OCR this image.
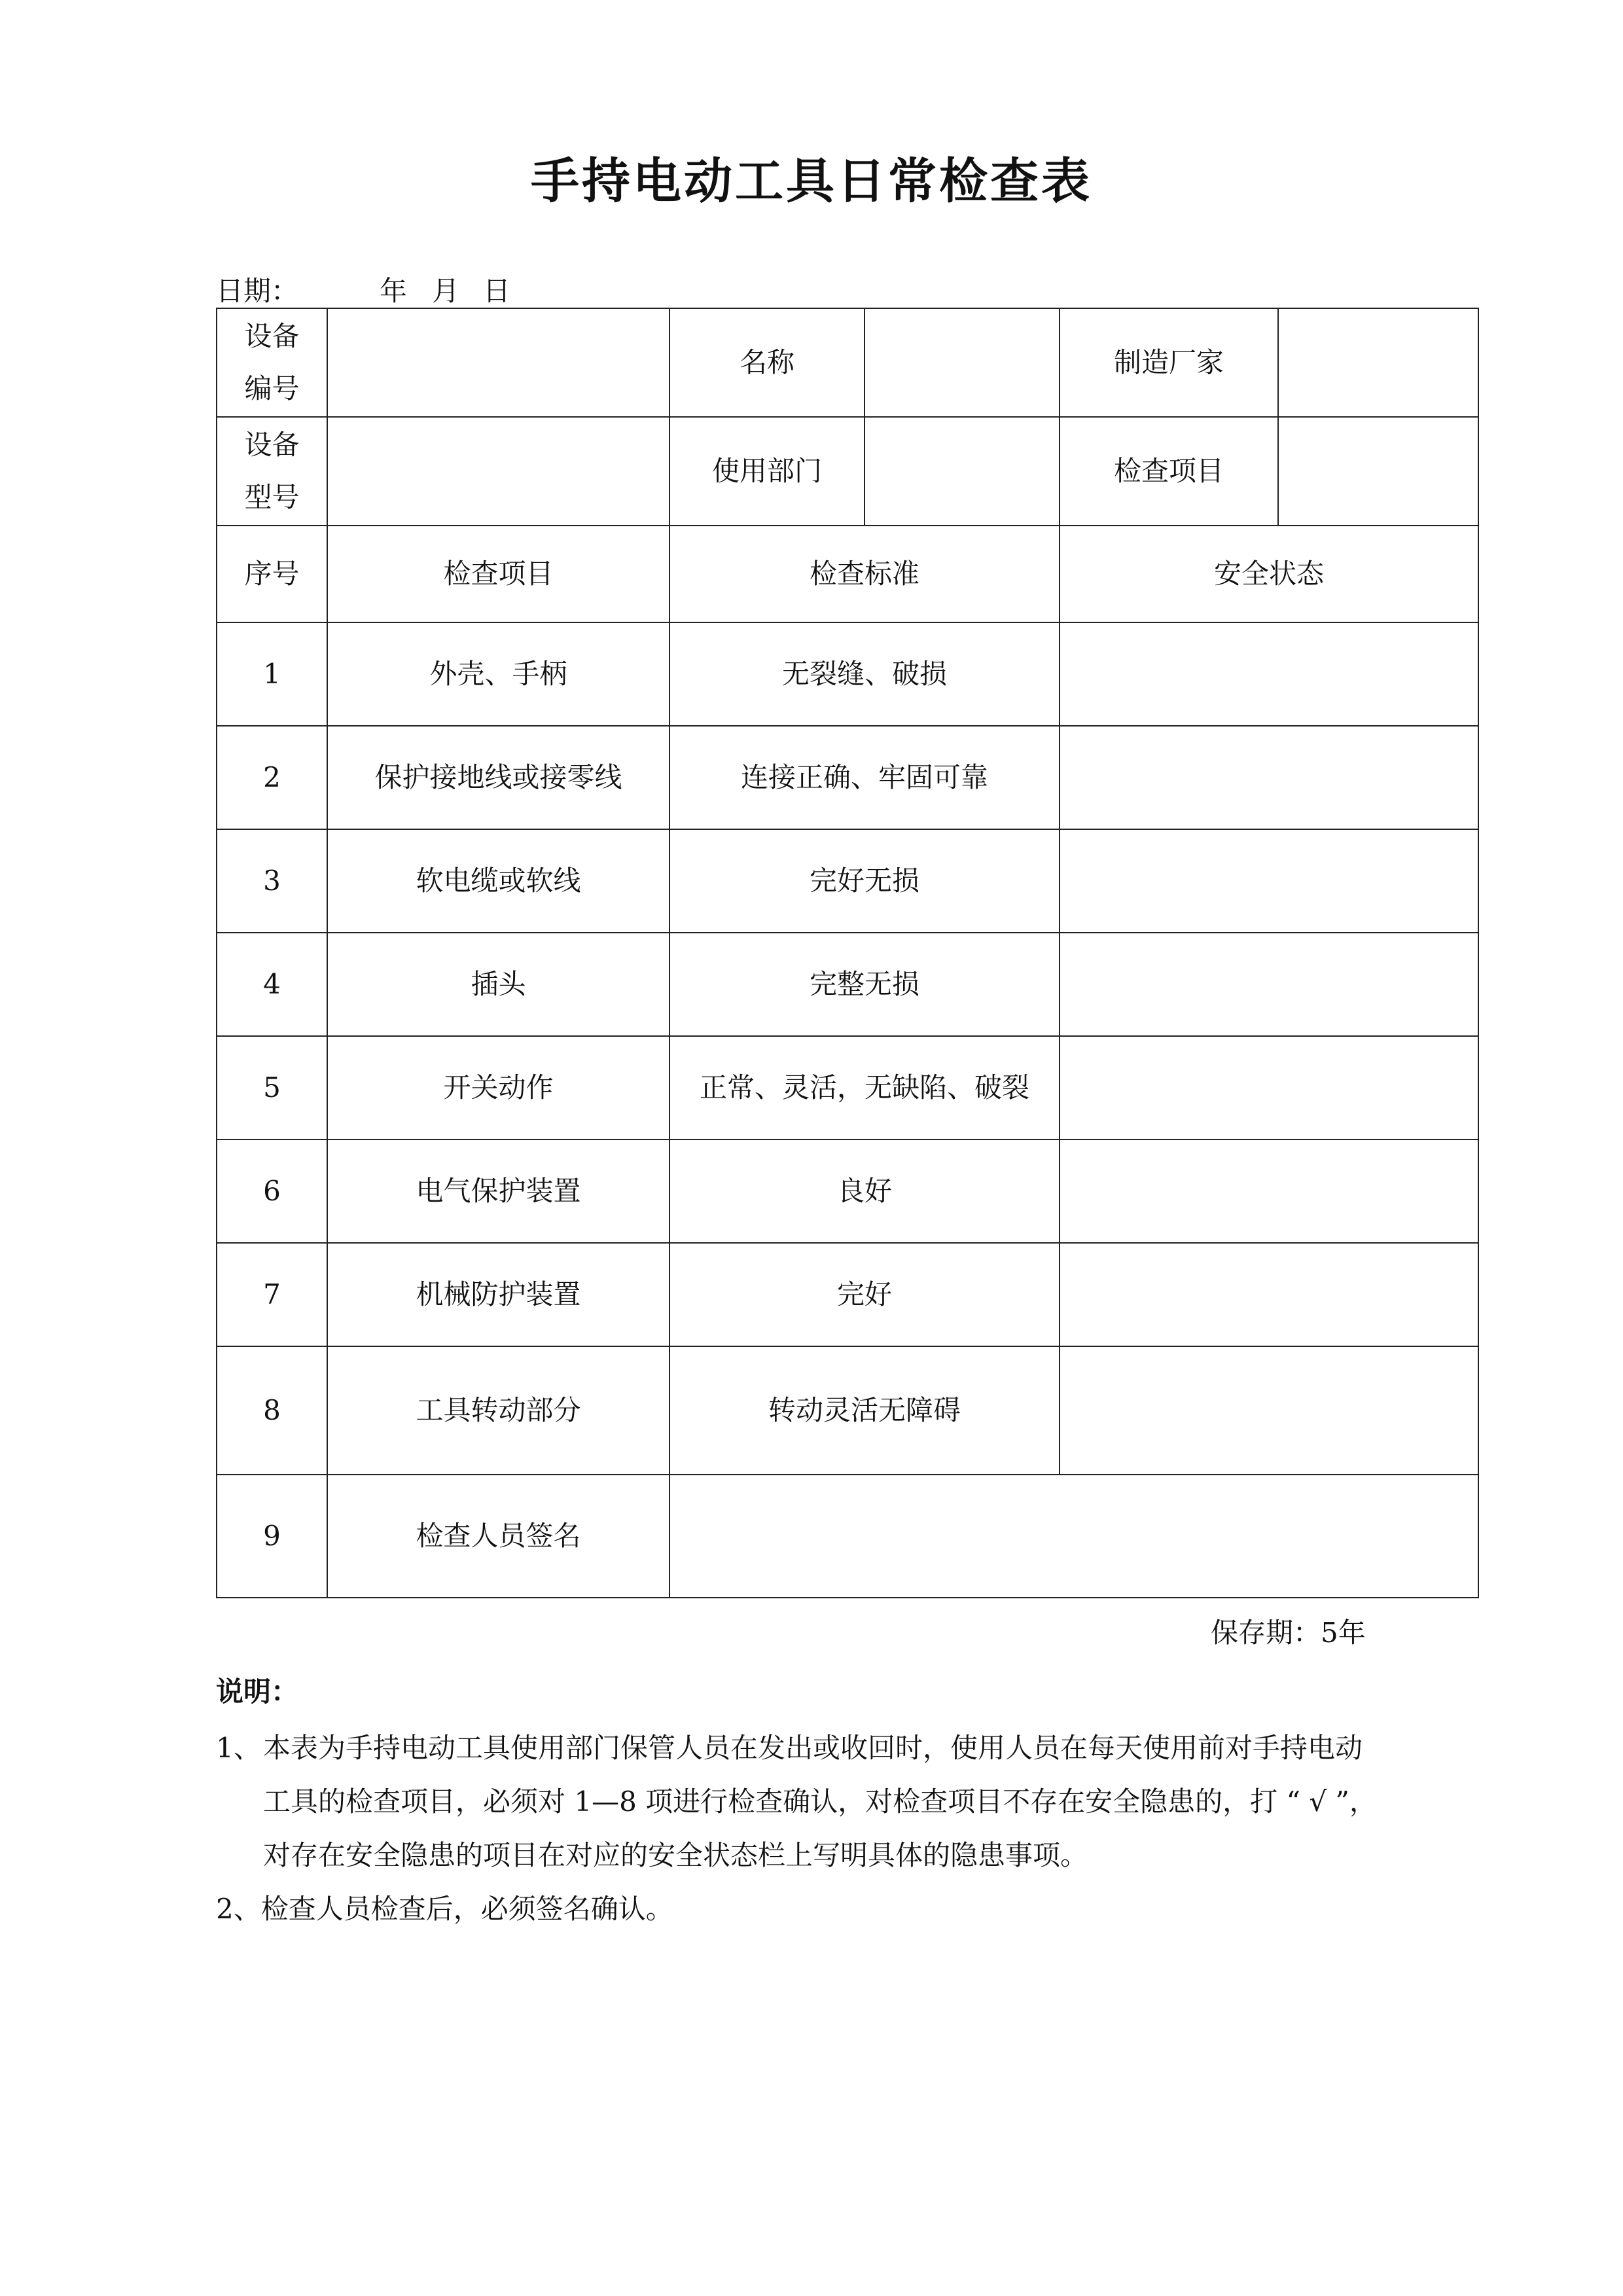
手持电动工具日常检查表
日期：	年 月 日
设备
编号		名称		制造厂家	
设备
型号		使用部门		检查项目	
序号	检查项目	检查标准		安全状态	
1	外壳、手柄	无裂缝、破损			
2	保护接地线或接零线	连接正确、牢固可靠			
3	软电缆或软线	完好无损			
4	插头	完整无损			
5	开关动作	正常、灵活，无缺陷、破裂			
6	电气保护装置	良好			
7	机械防护装置	完好			
8	工具转动部分	转动灵活无障碍			
9	检查人员签名				
保存期：5年
说明：
1、 本表为手持电动工具使用部门保管人员在发出或收回时，使用人员在每天使用前对手持电动
工具的检查项目，必须对 1—8 项进行检查确认，对检查项目不存在安全隐患的，打 “ √ ”，
对存在安全隐患的项目在对应的安全状态栏上写明具体的隐患事项。
2、检查人员检查后，必须签名确认。
